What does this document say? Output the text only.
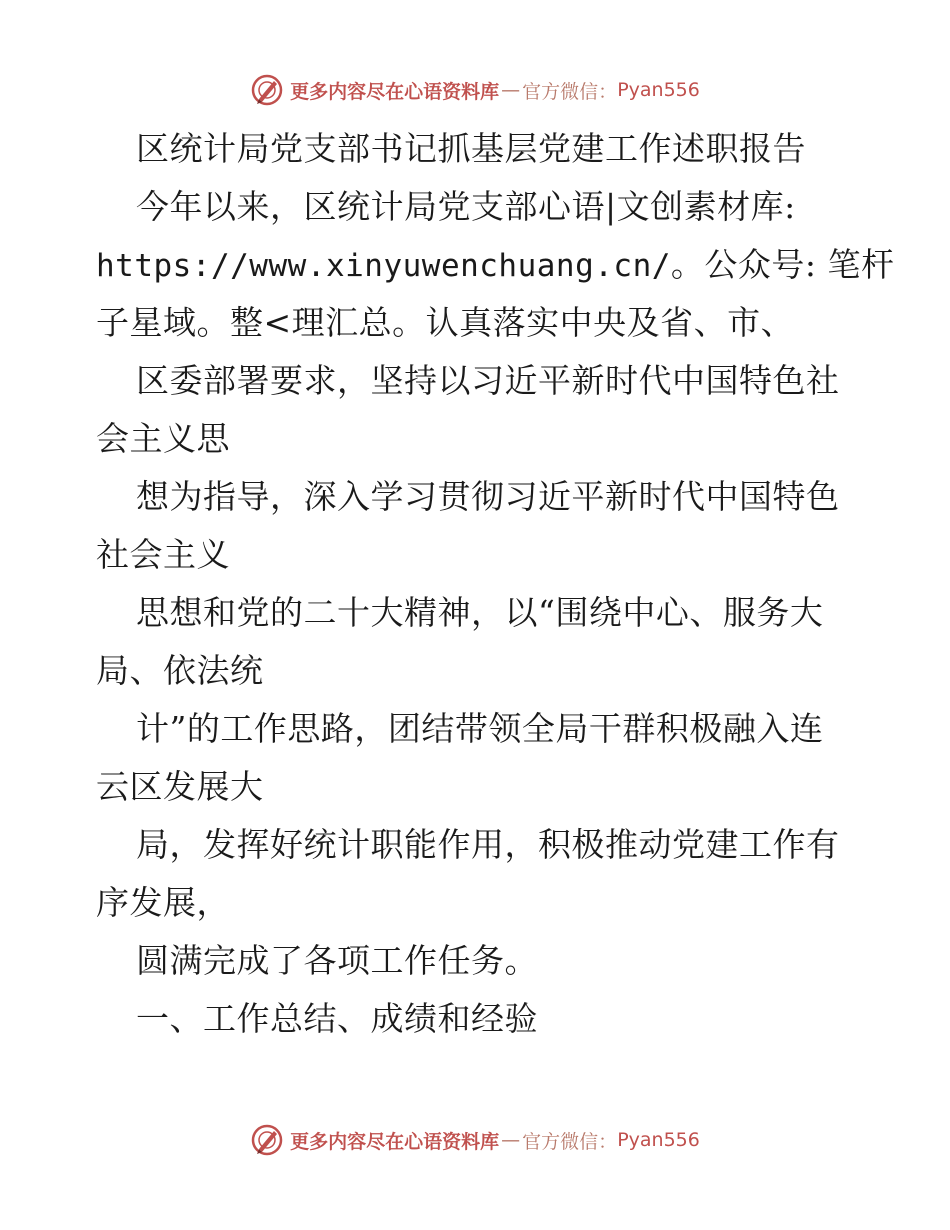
更多内容尽在心语资料库 — 官方微信： Pyan556
区统计局党支部书记抓基层党建工作述职报告
今年以来，区统计局党支部心语|文创素材库:
https://www.xinyuwenchuang.cn/。公众号: 笔杆
子星域。整<理汇总。认真落实中央及省、市、
区委部署要求，坚持以习近平新时代中国特色社
会主义思
想为指导，深入学习贯彻习近平新时代中国特色
社会主义
思想和党的二十大精神，以“围绕中心、服务大
局、依法统
计”的工作思路，团结带领全局干群积极融入连
云区发展大
局，发挥好统计职能作用，积极推动党建工作有
序发展，
圆满完成了各项工作任务。
一、工作总结、成绩和经验
更多内容尽在心语资料库 — 官方微信： Pyan556
